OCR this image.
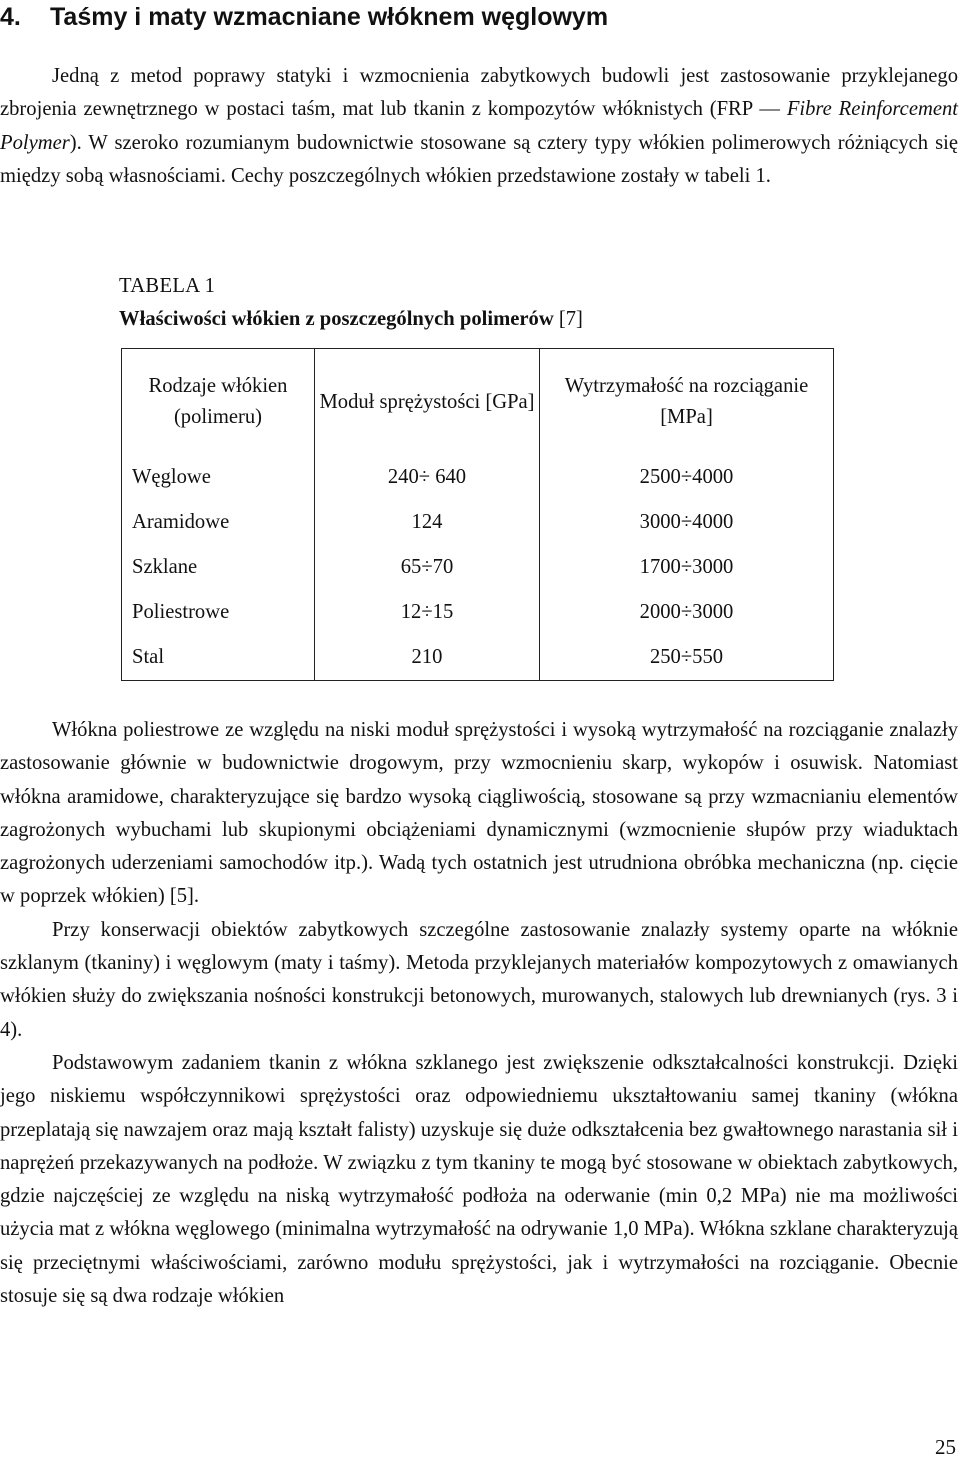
4. Taśmy i maty wzmacniane włóknem węglowym

Jedną z metod poprawy statyki i wzmocnienia zabytkowych budowli jest zastosowanie przyklejanego zbrojenia zewnętrznego w postaci taśm, mat lub tkanin z kompozytów włóknistych (FRP — Fibre Reinforcement Polymer). W szeroko rozumianym budownictwie stosowane są cztery typy włókien polimerowych różniących się między sobą własnościami. Cechy poszczególnych włókien przedstawione zostały w tabeli 1.

TABELA 1
Właściwości włókien z poszczególnych polimerów [7]
Rodzaje włókien (polimeru)	Moduł sprężystości [GPa]	Wytrzymałość na rozciąganie [MPa]
Węglowe	240÷ 640	2500÷4000
Aramidowe	124	3000÷4000
Szklane	65÷70	1700÷3000
Poliestrowe	12÷15	2000÷3000
Stal	210	250÷550

Włókna poliestrowe ze względu na niski moduł sprężystości i wysoką wytrzymałość na rozciąganie znalazły zastosowanie głównie w budownictwie drogowym, przy wzmocnieniu skarp, wykopów i osuwisk. Natomiast włókna aramidowe, charakteryzujące się bardzo wysoką ciągliwością, stosowane są przy wzmacnianiu elementów zagrożonych wybuchami lub skupionymi obciążeniami dynamicznymi (wzmocnienie słupów przy wiaduktach zagrożonych uderzeniami samochodów itp.). Wadą tych ostatnich jest utrudniona obróbka mechaniczna (np. cięcie w poprzek włókien) [5].

Przy konserwacji obiektów zabytkowych szczególne zastosowanie znalazły systemy oparte na włóknie szklanym (tkaniny) i węglowym (maty i taśmy). Metoda przyklejanych materiałów kompozytowych z omawianych włókien służy do zwiększania nośności konstrukcji betonowych, murowanych, stalowych lub drewnianych (rys. 3 i 4).

Podstawowym zadaniem tkanin z włókna szklanego jest zwiększenie odkształcalności konstrukcji. Dzięki jego niskiemu współczynnikowi sprężystości oraz odpowiedniemu ukształtowaniu samej tkaniny (włókna przeplatają się nawzajem oraz mają kształt falisty) uzyskuje się duże odkształcenia bez gwałtownego narastania sił i naprężeń przekazywanych na podłoże. W związku z tym tkaniny te mogą być stosowane w obiektach zabytkowych, gdzie najczęściej ze względu na niską wytrzymałość podłoża na oderwanie (min 0,2 MPa) nie ma możliwości użycia mat z włókna węglowego (minimalna wytrzymałość na odrywanie 1,0 MPa). Włókna szklane charakteryzują się przeciętnymi właściwościami, zarówno modułu sprężystości, jak i wytrzymałości na rozciąganie. Obecnie stosuje się są dwa rodzaje włókien

25
